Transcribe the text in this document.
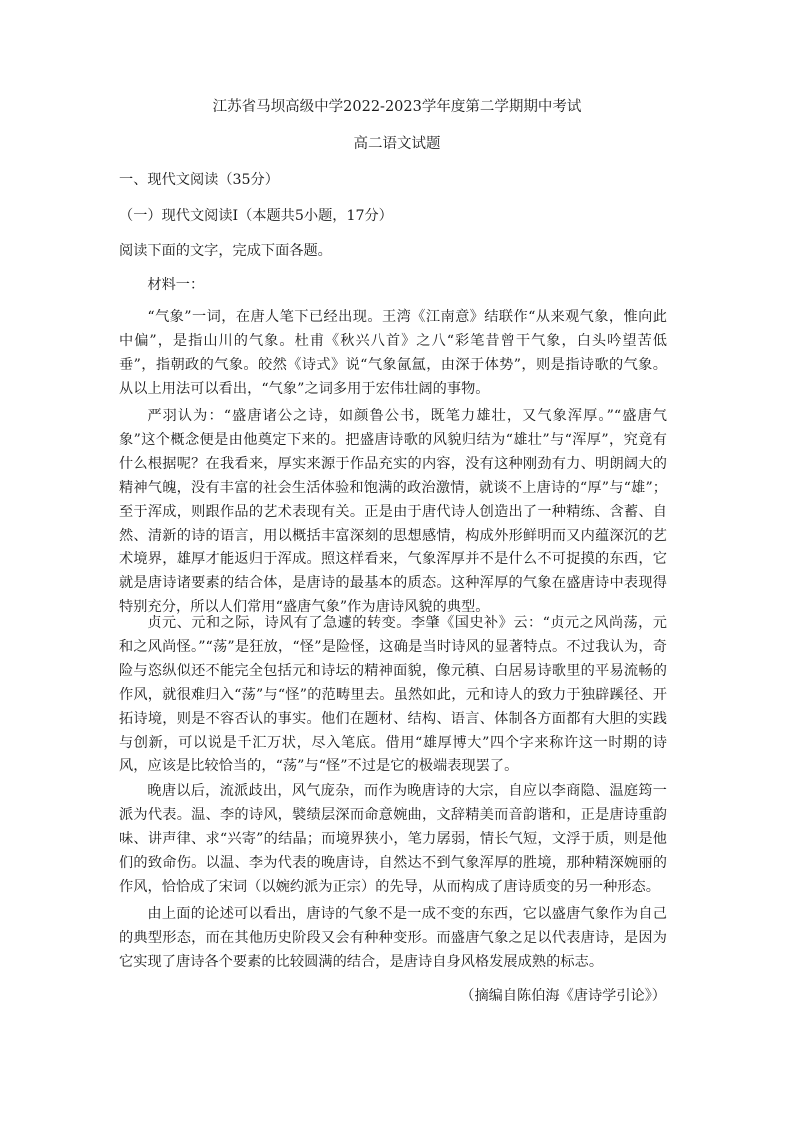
江苏省马坝高级中学2022-2023学年度第二学期期中考试
高二语文试题
一、现代文阅读（35分）
（一）现代文阅读Ⅰ（本题共5小题，17分）
阅读下面的文字，完成下面各题。
材料一：
“气象”一词，在唐人笔下已经出现。王湾《江南意》结联作“从来观气象，惟向此中偏”，是指山川的气象。杜甫《秋兴八首》之八“彩笔昔曾干气象，白头吟望苦低垂”，指朝政的气象。皎然《诗式》说“气象氤氲，由深于体势”，则是指诗歌的气象。从以上用法可以看出，“气象”之词多用于宏伟壮阔的事物。
严羽认为：“盛唐诸公之诗，如颜鲁公书，既笔力雄壮，又气象浑厚。”“盛唐气象”这个概念便是由他奠定下来的。把盛唐诗歌的风貌归结为“雄壮”与“浑厚”，究竟有什么根据呢？在我看来，厚实来源于作品充实的内容，没有这种刚劲有力、明朗阔大的精神气魄，没有丰富的社会生活体验和饱满的政治激情，就谈不上唐诗的“厚”与“雄”；至于浑成，则跟作品的艺术表现有关。正是由于唐代诗人创造出了一种精练、含蓄、自然、清新的诗的语言，用以概括丰富深刻的思想感情，构成外形鲜明而又内蕴深沉的艺术境界，雄厚才能返归于浑成。照这样看来，气象浑厚并不是什么不可捉摸的东西，它就是唐诗诸要素的结合体，是唐诗的最基本的质态。这种浑厚的气象在盛唐诗中表现得特别充分，所以人们常用“盛唐气象”作为唐诗风貌的典型。
贞元、元和之际，诗风有了急遽的转变。李肇《国史补》云：“贞元之风尚荡，元和之风尚怪。”“荡”是狂放，“怪”是险怪，这确是当时诗风的显著特点。不过我认为，奇险与恣纵似还不能完全包括元和诗坛的精神面貌，像元稹、白居易诗歌里的平易流畅的作风，就很难归入“荡”与“怪”的范畴里去。虽然如此，元和诗人的致力于独辟蹊径、开拓诗境，则是不容否认的事实。他们在题材、结构、语言、体制各方面都有大胆的实践与创新，可以说是千汇万状，尽入笔底。借用“雄厚博大”四个字来称许这一时期的诗风，应该是比较恰当的，“荡”与“怪”不过是它的极端表现罢了。
晚唐以后，流派歧出，风气庞杂，而作为晚唐诗的大宗，自应以李商隐、温庭筠一派为代表。温、李的诗风，襞绩层深而命意婉曲，文辞精美而音韵谐和，正是唐诗重韵味、讲声律、求“兴寄”的结晶；而境界狭小，笔力孱弱，情长气短，文浮于质，则是他们的致命伤。以温、李为代表的晚唐诗，自然达不到气象浑厚的胜境，那种精深婉丽的作风，恰恰成了宋词（以婉约派为正宗）的先导，从而构成了唐诗质变的另一种形态。
由上面的论述可以看出，唐诗的气象不是一成不变的东西，它以盛唐气象作为自己的典型形态，而在其他历史阶段又会有种种变形。而盛唐气象之足以代表唐诗，是因为它实现了唐诗各个要素的比较圆满的结合，是唐诗自身风格发展成熟的标志。
（摘编自陈伯海《唐诗学引论》）
